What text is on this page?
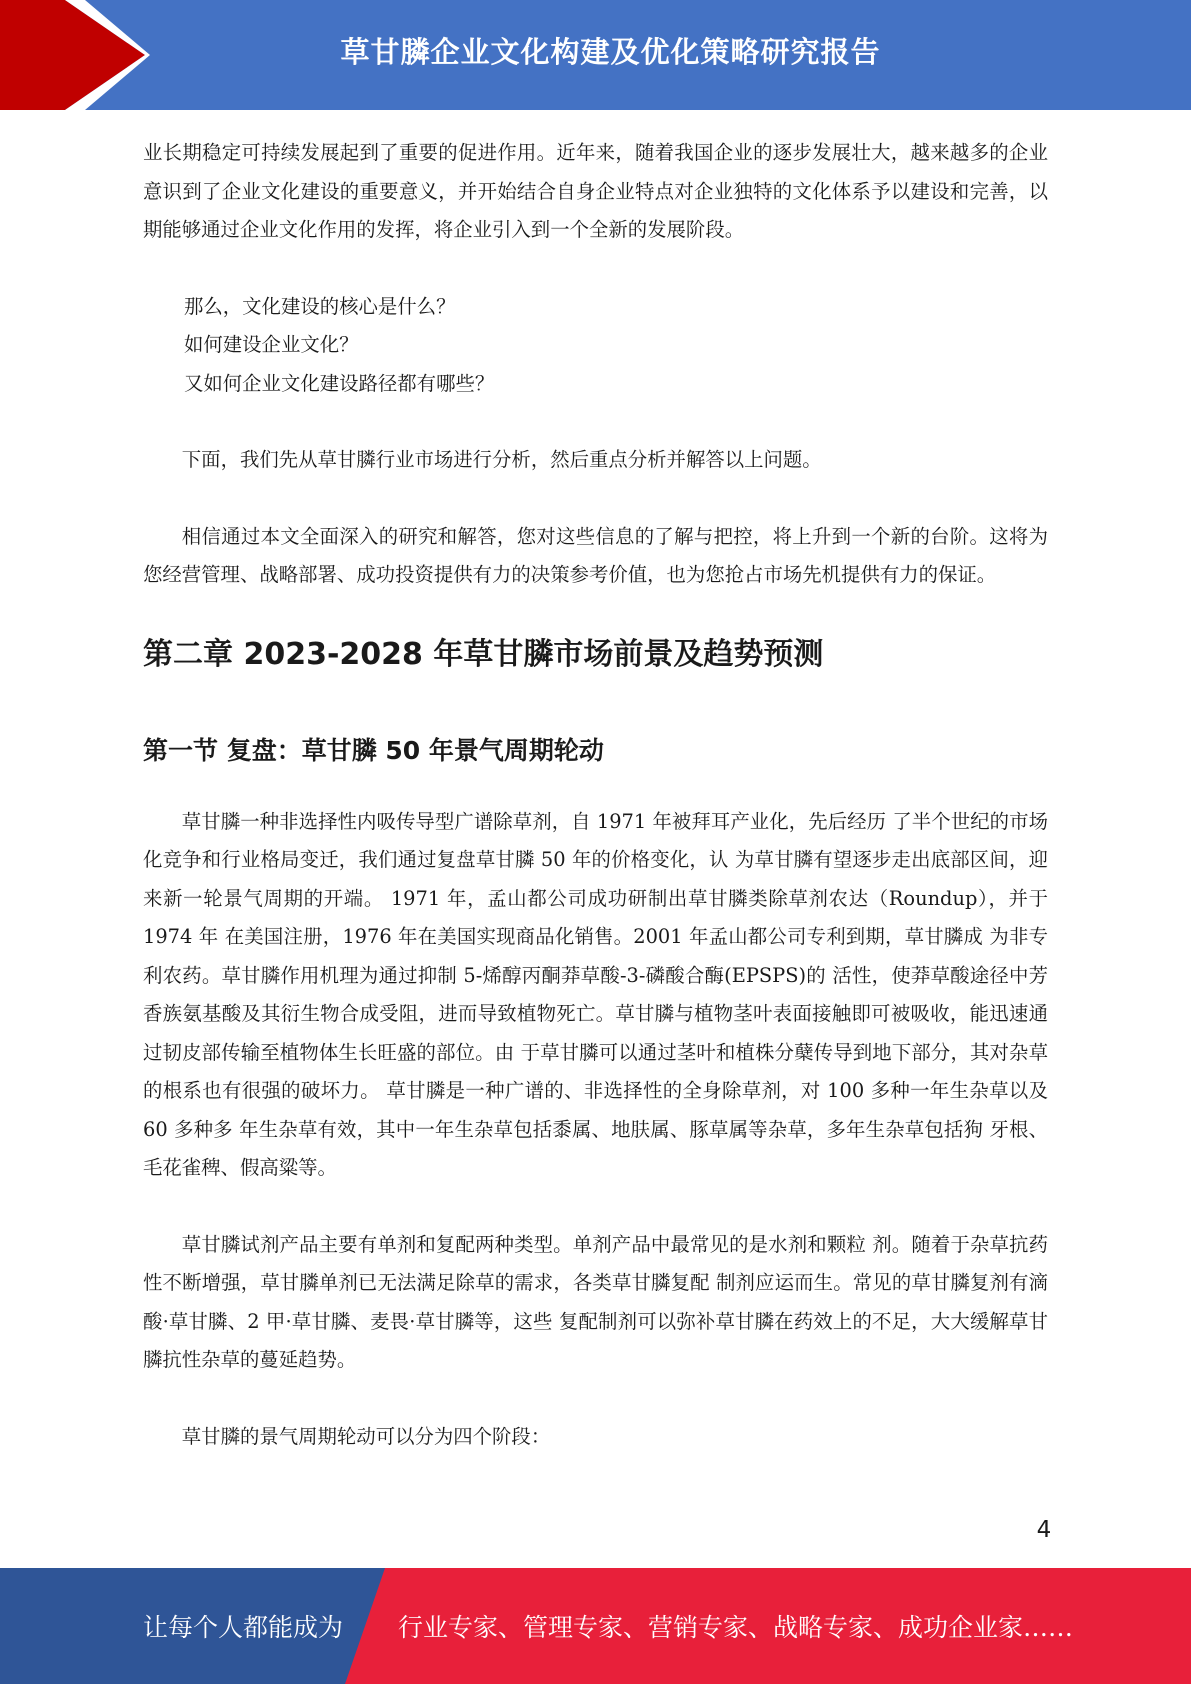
草甘膦企业文化构建及优化策略研究报告

业长期稳定可持续发展起到了重要的促进作用。近年来，随着我国企业的逐步发展壮大，越来越多的企业意识到了企业文化建设的重要意义，并开始结合自身企业特点对企业独特的文化体系予以建设和完善，以期能够通过企业文化作用的发挥，将企业引入到一个全新的发展阶段。

那么，文化建设的核心是什么？
如何建设企业文化？
又如何企业文化建设路径都有哪些？

下面，我们先从草甘膦行业市场进行分析，然后重点分析并解答以上问题。

相信通过本文全面深入的研究和解答，您对这些信息的了解与把控，将上升到一个新的台阶。这将为您经营管理、战略部署、成功投资提供有力的决策参考价值，也为您抢占市场先机提供有力的保证。

第二章 2023-2028 年草甘膦市场前景及趋势预测
第一节 复盘：草甘膦 50 年景气周期轮动

草甘膦一种非选择性内吸传导型广谱除草剂，自 1971 年被拜耳产业化，先后经历 了半个世纪的市场化竞争和行业格局变迁，我们通过复盘草甘膦 50 年的价格变化，认 为草甘膦有望逐步走出底部区间，迎来新一轮景气周期的开端。 1971 年，孟山都公司成功研制出草甘膦类除草剂农达（Roundup），并于 1974 年 在美国注册，1976 年在美国实现商品化销售。2001 年孟山都公司专利到期，草甘膦成 为非专利农药。草甘膦作用机理为通过抑制 5-烯醇丙酮莽草酸-3-磷酸合酶(EPSPS)的 活性，使莽草酸途径中芳香族氨基酸及其衍生物合成受阻，进而导致植物死亡。草甘膦与植物茎叶表面接触即可被吸收，能迅速通过韧皮部传输至植物体生长旺盛的部位。由 于草甘膦可以通过茎叶和植株分蘖传导到地下部分，其对杂草的根系也有很强的破坏力。 草甘膦是一种广谱的、非选择性的全身除草剂，对 100 多种一年生杂草以及 60 多种多 年生杂草有效，其中一年生杂草包括黍属、地肤属、豚草属等杂草，多年生杂草包括狗 牙根、毛花雀稗、假高粱等。

草甘膦试剂产品主要有单剂和复配两种类型。单剂产品中最常见的是水剂和颗粒 剂。随着于杂草抗药性不断增强，草甘膦单剂已无法满足除草的需求，各类草甘膦复配 制剂应运而生。常见的草甘膦复剂有滴酸·草甘膦、2 甲·草甘膦、麦畏·草甘膦等，这些 复配制剂可以弥补草甘膦在药效上的不足，大大缓解草甘膦抗性杂草的蔓延趋势。

草甘膦的景气周期轮动可以分为四个阶段：

4
让每个人都能成为 行业专家、管理专家、营销专家、战略专家、成功企业家……
